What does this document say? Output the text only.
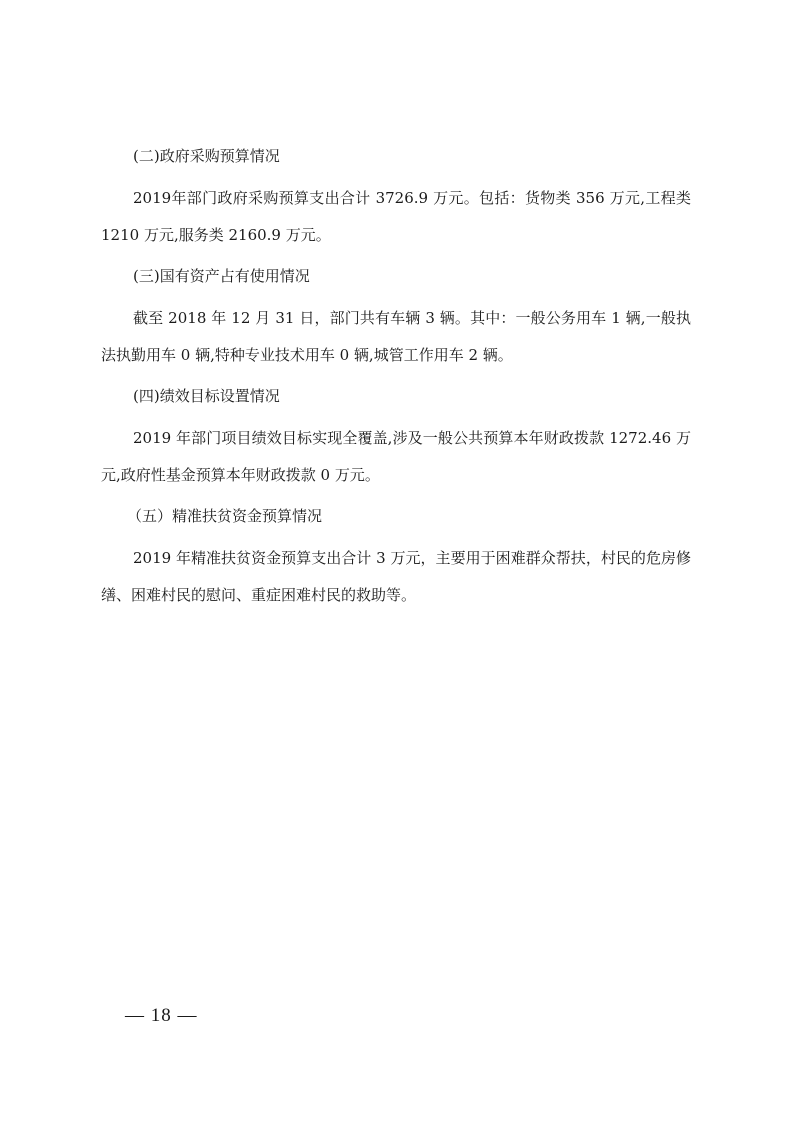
(二)政府采购预算情况

2019年部门政府采购预算支出合计 3726.9 万元。包括：货物类 356 万元,工程类 1210 万元,服务类 2160.9 万元。

(三)国有资产占有使用情况

截至 2018 年 12 月 31 日，部门共有车辆 3 辆。其中：一般公务用车 1 辆,一般执法执勤用车 0 辆,特种专业技术用车 0 辆,城管工作用车 2 辆。

(四)绩效目标设置情况

2019 年部门项目绩效目标实现全覆盖,涉及一般公共预算本年财政拨款 1272.46 万元,政府性基金预算本年财政拨款 0 万元。

（五）精准扶贫资金预算情况

2019 年精准扶贫资金预算支出合计 3 万元，主要用于困难群众帮扶，村民的危房修缮、困难村民的慰问、重症困难村民的救助等。

— 18 —
